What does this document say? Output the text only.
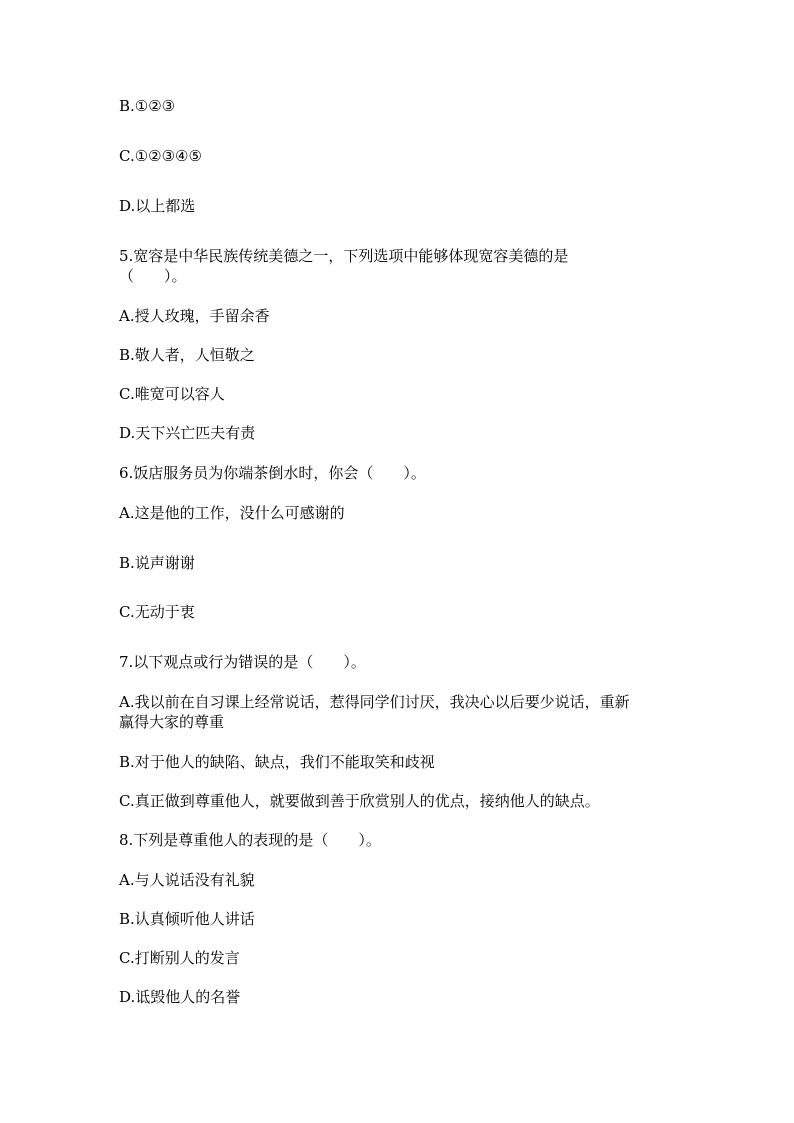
B.①②③
C.①②③④⑤
D.以上都选
5.宽容是中华民族传统美德之一，下列选项中能够体现宽容美德的是
（　　）。
A.授人玫瑰，手留余香
B.敬人者，人恒敬之
C.唯宽可以容人
D.天下兴亡匹夫有责
6.饭店服务员为你端茶倒水时，你会（　　）。
A.这是他的工作，没什么可感谢的
B.说声谢谢
C.无动于衷
7.以下观点或行为错误的是（　　）。
A.我以前在自习课上经常说话，惹得同学们讨厌，我决心以后要少说话，重新
赢得大家的尊重
B.对于他人的缺陷、缺点，我们不能取笑和歧视
C.真正做到尊重他人，就要做到善于欣赏别人的优点，接纳他人的缺点。
8.下列是尊重他人的表现的是（　　）。
A.与人说话没有礼貌
B.认真倾听他人讲话
C.打断别人的发言
D.诋毁他人的名誉
